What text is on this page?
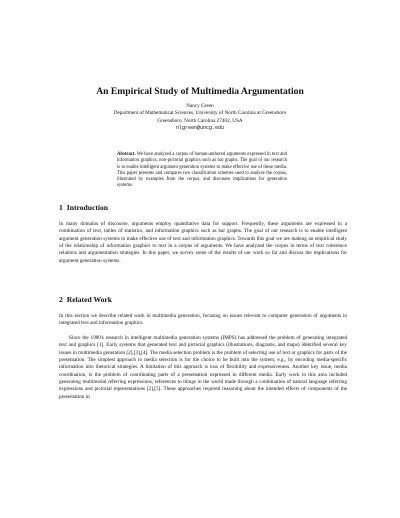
An Empirical Study of Multimedia Argumentation
Nancy Green
Department of Mathematical Sciences, University of North Carolina at Greensboro
Greensboro, North Carolina 27402, USA
nlgreen@uncg.edu
Abstract. We have analyzed a corpus of human-authored arguments expressed in text and information graphics, non-pictorial graphics such as bar graphs. The goal of our research is to enable intelligent argument generation systems to make effective use of these media. This paper presents and compares two classification schemes used to analyze the corpus, illustrated by examples from the corpus, and discusses implications for generation systems.
1 Introduction

In many domains of discourse, arguments employ quantitative data for support. Frequently, these arguments are expressed in a combination of text, tables of statistics, and information graphics such as bar graphs. The goal of our research is to enable intelligent argument generation systems to make effective use of text and information graphics. Towards this goal we are making an empirical study of the relationship of information graphics to text in a corpus of arguments. We have analyzed the corpus in terms of text coherence relations and argumentation strategies. In this paper, we survey some of the results of our work so far and discuss the implications for argument generation systems.

2 Related Work

In this section we describe related work in multimedia generation, focusing on issues relevant to computer generation of arguments in integrated text and information graphics.

Since the 1980's research in intelligent multimedia generation systems (IMPS) has addressed the problem of generating integrated text and graphics [1]. Early systems that generated text and pictorial graphics (illustrations, diagrams, and maps) identified several key issues in multimedia generation [2],[3],[4]. The media selection problem is the problem of selecting use of text or graphics for parts of the presentation. The simplest approach to media selection is for the choice to be built into the system, e.g., by encoding media-specific information into rhetorical strategies. A limitation of this approach is loss of flexibility and expressiveness. Another key issue, media coordination, is the problem of coordinating parts of a presentation expressed in different media. Early work in this area included generating multimodal referring expressions, references to things in the world made through a combination of natural language referring expressions and pictorial representations [2],[5]. These approaches required reasoning about the intended effects of components of the presentation in
